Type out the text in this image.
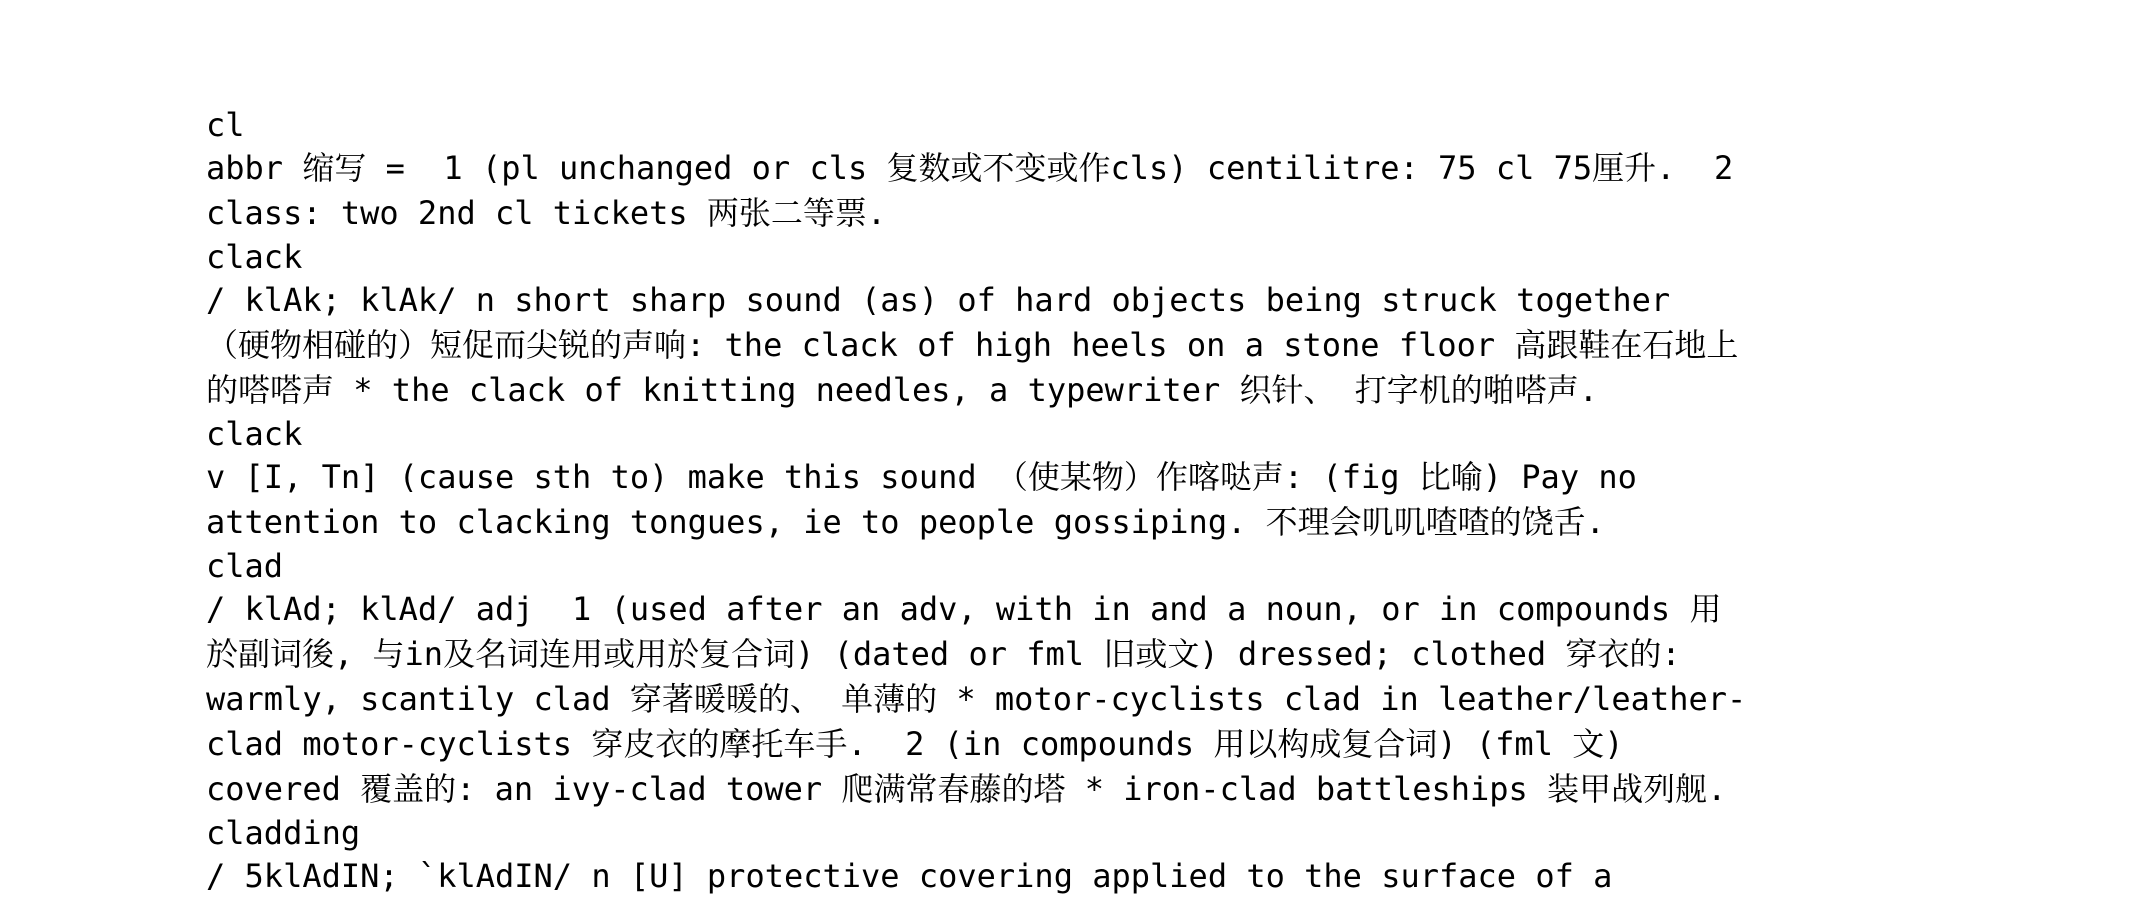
cl
abbr 缩写 =  1 (pl unchanged or cls 复数或不变或作cls) centilitre: 75 cl 75厘升.  2
class: two 2nd cl tickets 两张二等票.
clack
/ klAk; klAk/ n short sharp sound (as) of hard objects being struck together
（硬物相碰的）短促而尖锐的声响: the clack of high heels on a stone floor 高跟鞋在石地上
的嗒嗒声 * the clack of knitting needles, a typewriter 织针、 打字机的啪嗒声.
clack
v [I, Tn] (cause sth to) make this sound （使某物）作喀哒声: (fig 比喻) Pay no
attention to clacking tongues, ie to people gossiping. 不理会叽叽喳喳的饶舌.
clad
/ klAd; klAd/ adj  1 (used after an adv, with in and a noun, or in compounds 用
於副词後, 与in及名词连用或用於复合词) (dated or fml 旧或文) dressed; clothed 穿衣的:
warmly, scantily clad 穿著暖暖的、 单薄的 * motor-cyclists clad in leather/leather-
clad motor-cyclists 穿皮衣的摩托车手.  2 (in compounds 用以构成复合词) (fml 文)
covered 覆盖的: an ivy-clad tower 爬满常春藤的塔 * iron-clad battleships 装甲战列舰.
cladding
/ 5klAdIN; `klAdIN/ n [U] protective covering applied to the surface of a
